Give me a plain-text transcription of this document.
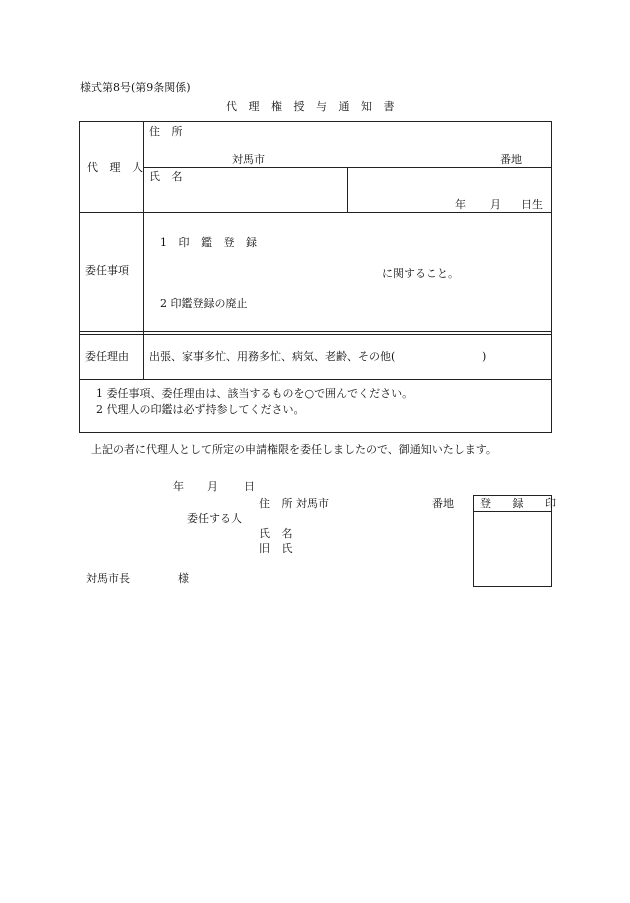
様式第8号(第9条関係)
代 理 権 授 与 通 知 書
代 理 人
住 所
対馬市	番地
氏 名
年 月 日生
委任事項
1 印 鑑 登 録
に関すること。
2 印鑑登録の廃止
委任理由 出張、家事多忙、用務多忙、病気、老齢、その他(	)
1 委任事項、委任理由は、該当するものを○で囲んでください。
2 代理人の印鑑は必ず持参してください。
上記の者に代理人として所定の申請権限を委任しましたので、御通知いたします。
年 月 日
住 所 対馬市	番地
委任する人
氏 名
旧 氏
対馬市長	様
登 録 印
